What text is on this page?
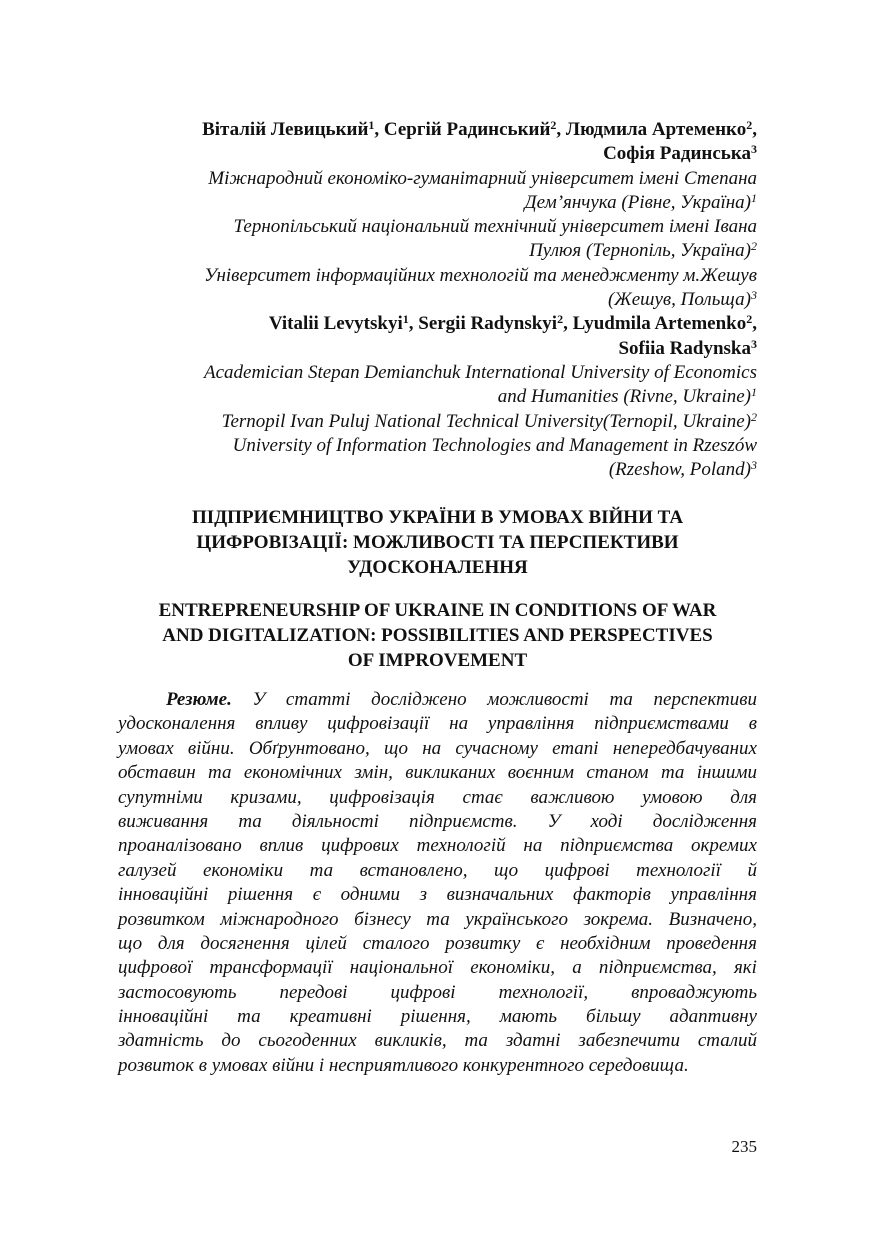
Віталій Левицький$^1$, Сергій Радинський$^2$, Людмила Артеменко$^2$,
Софія Радинська$^3$
Міжнародний економіко-гуманітарний університет імені Степана
Дем’янчука (Рівне, Україна)$^1$
Тернопільський національний технічний університет імені Івана
Пулюя (Тернопіль, Україна)$^2$
Університет інформаційних технологій та менеджменту м.Жешув
(Жешув, Польща)$^3$
Vitalii Levytskyi$^1$, Sergii Radynskyi$^2$, Lyudmila Artemenko$^2$,
Sofiia Radynska$^3$
Academician Stepan Demianchuk International University of Economics
and Humanities (Rivne, Ukraine)$^1$
Ternopil Ivan Puluj National Technical University(Ternopil, Ukraine)$^2$
University of Information Technologies and Management in Rzeszów
(Rzeshow, Poland)$^3$
ПІДПРИЄМНИЦТВО УКРАЇНИ В УМОВАХ ВІЙНИ ТА
ЦИФРОВІЗАЦІЇ: МОЖЛИВОСТІ ТА ПЕРСПЕКТИВИ
УДОСКОНАЛЕННЯ
ENTREPRENEURSHIP OF UKRAINE IN CONDITIONS OF WAR
AND DIGITALIZATION: POSSIBILITIES AND PERSPECTIVES
OF IMPROVEMENT
Резюме. У статті досліджено можливості та перспективи
удосконалення впливу цифровізації на управління підприємствами в
умовах війни. Обґрунтовано, що на сучасному етапі непередбачуваних
обставин та економічних змін, викликаних воєнним станом та іншими
супутніми кризами, цифровізація стає важливою умовою для
виживання та діяльності підприємств. У ході дослідження
проаналізовано вплив цифрових технологій на підприємства окремих
галузей економіки та встановлено, що цифрові технології й
інноваційні рішення є одними з визначальних факторів управління
розвитком міжнародного бізнесу та українського зокрема. Визначено,
що для досягнення цілей сталого розвитку є необхідним проведення
цифрової трансформації національної економіки, а підприємства, які
застосовують передові цифрові технології, впроваджують
інноваційні та креативні рішення, мають більшу адаптивну
здатність до сьогоденних викликів, та здатні забезпечити сталий
розвиток в умовах війни і несприятливого конкурентного середовища.
235
